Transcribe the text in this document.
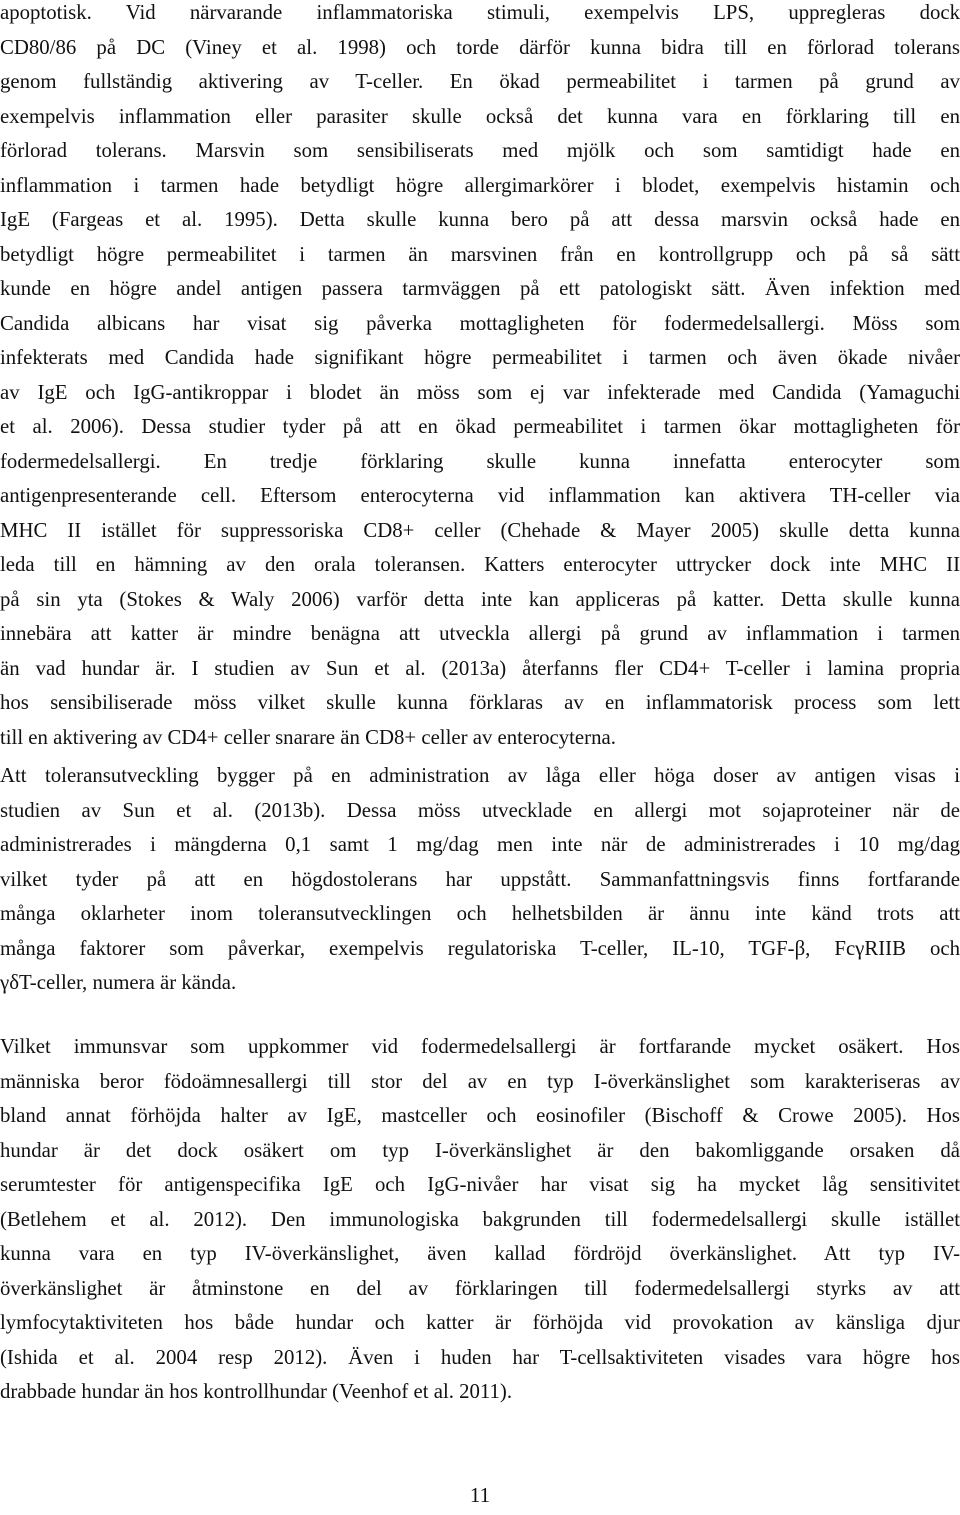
apoptotisk. Vid närvarande inflammatoriska stimuli, exempelvis LPS, uppregleras dock
CD80/86 på DC (Viney et al. 1998) och torde därför kunna bidra till en förlorad tolerans
genom fullständig aktivering av T-celler. En ökad permeabilitet i tarmen på grund av
exempelvis inflammation eller parasiter skulle också det kunna vara en förklaring till en
förlorad tolerans. Marsvin som sensibiliserats med mjölk och som samtidigt hade en
inflammation i tarmen hade betydligt högre allergimarkörer i blodet, exempelvis histamin och
IgE (Fargeas et al. 1995). Detta skulle kunna bero på att dessa marsvin också hade en
betydligt högre permeabilitet i tarmen än marsvinen från en kontrollgrupp och på så sätt
kunde en högre andel antigen passera tarmväggen på ett patologiskt sätt. Även infektion med
Candida albicans har visat sig påverka mottagligheten för fodermedelsallergi. Möss som
infekterats med Candida hade signifikant högre permeabilitet i tarmen och även ökade nivåer
av IgE och IgG-antikroppar i blodet än möss som ej var infekterade med Candida (Yamaguchi
et al. 2006). Dessa studier tyder på att en ökad permeabilitet i tarmen ökar mottagligheten för
fodermedelsallergi. En tredje förklaring skulle kunna innefatta enterocyter som
antigenpresenterande cell. Eftersom enterocyterna vid inflammation kan aktivera TH-celler via
MHC II istället för suppressoriska CD8+ celler (Chehade & Mayer 2005) skulle detta kunna
leda till en hämning av den orala toleransen. Katters enterocyter uttrycker dock inte MHC II
på sin yta (Stokes & Waly 2006) varför detta inte kan appliceras på katter. Detta skulle kunna
innebära att katter är mindre benägna att utveckla allergi på grund av inflammation i tarmen
än vad hundar är. I studien av Sun et al. (2013a) återfanns fler CD4+ T-celler i lamina propria
hos sensibiliserade möss vilket skulle kunna förklaras av en inflammatorisk process som lett
till en aktivering av CD4+ celler snarare än CD8+ celler av enterocyterna.
Att toleransutveckling bygger på en administration av låga eller höga doser av antigen visas i
studien av Sun et al. (2013b). Dessa möss utvecklade en allergi mot sojaproteiner när de
administrerades i mängderna 0,1 samt 1 mg/dag men inte när de administrerades i 10 mg/dag
vilket tyder på att en högdostolerans har uppstått. Sammanfattningsvis finns fortfarande
många oklarheter inom toleransutvecklingen och helhetsbilden är ännu inte känd trots att
många faktorer som påverkar, exempelvis regulatoriska T-celler, IL-10, TGF-β, FcγRIIB och
γδT-celler, numera är kända.
Vilket immunsvar som uppkommer vid fodermedelsallergi är fortfarande mycket osäkert. Hos
människa beror födoämnesallergi till stor del av en typ I-överkänslighet som karakteriseras av
bland annat förhöjda halter av IgE, mastceller och eosinofiler (Bischoff & Crowe 2005). Hos
hundar är det dock osäkert om typ I-överkänslighet är den bakomliggande orsaken då
serumtester för antigenspecifika IgE och IgG-nivåer har visat sig ha mycket låg sensitivitet
(Betlehem et al. 2012). Den immunologiska bakgrunden till fodermedelsallergi skulle istället
kunna vara en typ IV-överkänslighet, även kallad fördröjd överkänslighet. Att typ IV-
överkänslighet är åtminstone en del av förklaringen till fodermedelsallergi styrks av att
lymfocytaktiviteten hos både hundar och katter är förhöjda vid provokation av känsliga djur
(Ishida et al. 2004 resp 2012). Även i huden har T-cellsaktiviteten visades vara högre hos
drabbade hundar än hos kontrollhundar (Veenhof et al. 2011).
11
